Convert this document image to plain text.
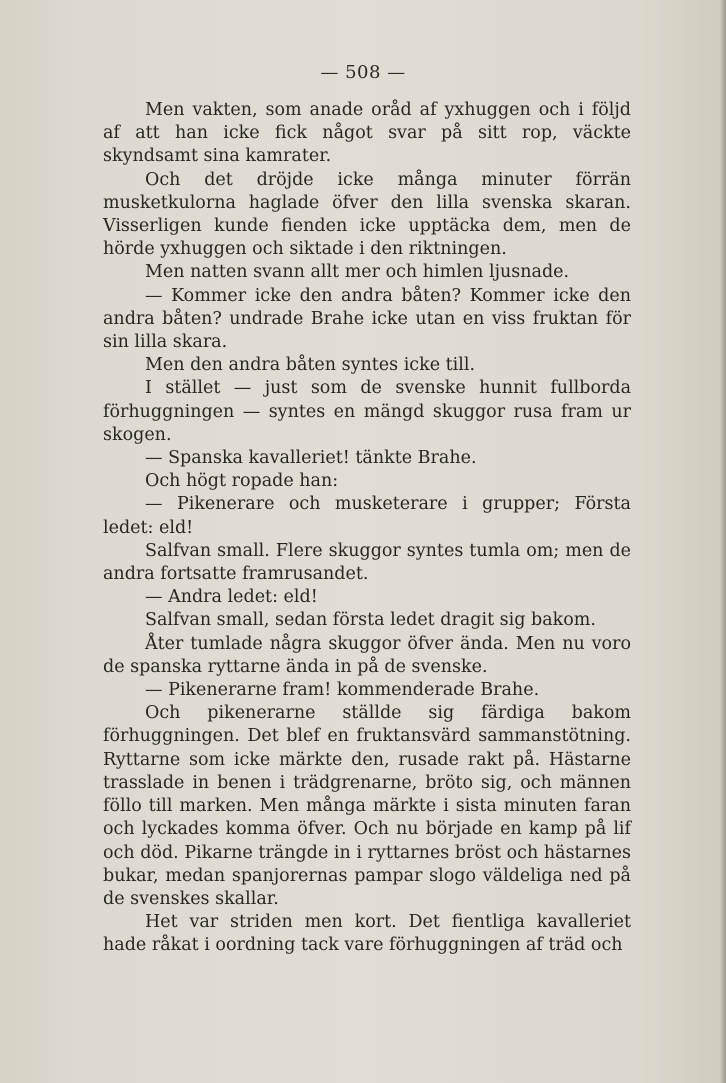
— 508 —

Men vakten, som anade oråd af yxhuggen och i följd af att han icke fick något svar på sitt rop, väckte skyndsamt sina kamrater.

Och det dröjde icke många minuter förrän musketkulorna haglade öfver den lilla svenska skaran. Visserligen kunde fienden icke upptäcka dem, men de hörde yxhuggen och siktade i den riktningen.

Men natten svann allt mer och himlen ljusnade.

— Kommer icke den andra båten? Kommer icke den andra båten? undrade Brahe icke utan en viss fruktan för sin lilla skara.

Men den andra båten syntes icke till.

I stället — just som de svenske hunnit fullborda förhuggningen — syntes en mängd skuggor rusa fram ur skogen.

— Spanska kavalleriet! tänkte Brahe.

Och högt ropade han:

— Pikenerare och musketerare i grupper; Första ledet: eld!

Salfvan small. Flere skuggor syntes tumla om; men de andra fortsatte framrusandet.

— Andra ledet: eld!

Salfvan small, sedan första ledet dragit sig bakom.

Åter tumlade några skuggor öfver ända. Men nu voro de spanska ryttarne ända in på de svenske.

— Pikenerarne fram! kommenderade Brahe.

Och pikenerarne ställde sig färdiga bakom förhuggningen. Det blef en fruktansvärd sammanstötning. Ryttarne som icke märkte den, rusade rakt på. Hästarne trasslade in benen i trädgrenarne, bröto sig, och männen föllo till marken. Men många märkte i sista minuten faran och lyckades komma öfver. Och nu började en kamp på lif och död. Pikarne trängde in i ryttarnes bröst och hästarnes bukar, medan spanjorernas pampar slogo väldeliga ned på de svenskes skallar.

Het var striden men kort. Det fientliga kavalleriet hade råkat i oordning tack vare förhuggningen af träd och
